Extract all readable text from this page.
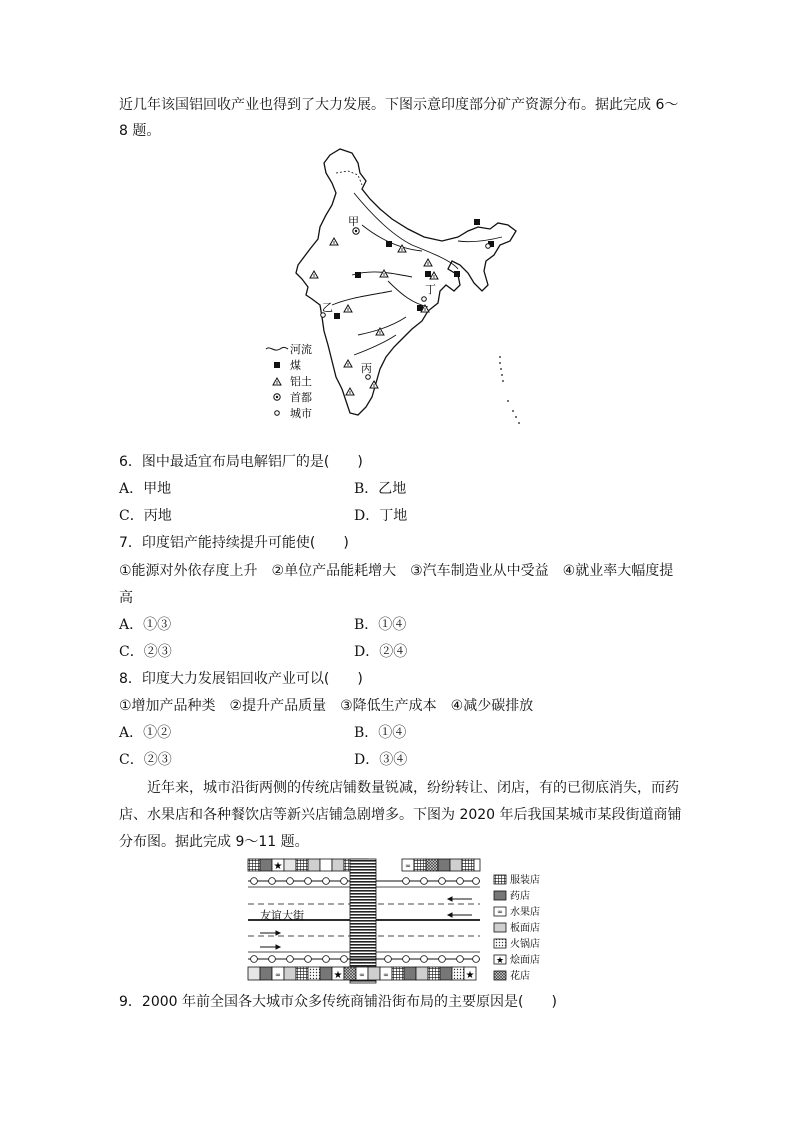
近几年该国铝回收产业也得到了大力发展。下图示意印度部分矿产资源分布。据此完成 6～
8 题。
甲
乙
丙
丁
河流
煤
铝土
首都
城市
6．图中最适宜布局电解铝厂的是(　　)
A．甲地	B．乙地
C．丙地	D．丁地
7．印度铝产能持续提升可能使(　　)
①能源对外依存度上升　②单位产品能耗增大　③汽车制造业从中受益　④就业率大幅度提
高
A．①③	B．①④
C．②③	D．②④
8．印度大力发展铝回收产业可以(　　)
①增加产品种类　②提升产品质量　③降低生产成本　④减少碳排放
A．①②	B．①④
C．②③	D．③④
近年来，城市沿街两侧的传统店铺数量锐减，纷纷转让、闭店，有的已彻底消失，而药
店、水果店和各种餐饮店等新兴店铺急剧增多。下图为 2020 年后我国某城市某段街道商铺
分布图。据此完成 9～11 题。
★	∞
友谊大街
∞	★ ∞	∞	★
∞
★
服装店
药店
水果店
板面店
火锅店
烩面店
花店
9．2000 年前全国各大城市众多传统商铺沿街布局的主要原因是(　　)
